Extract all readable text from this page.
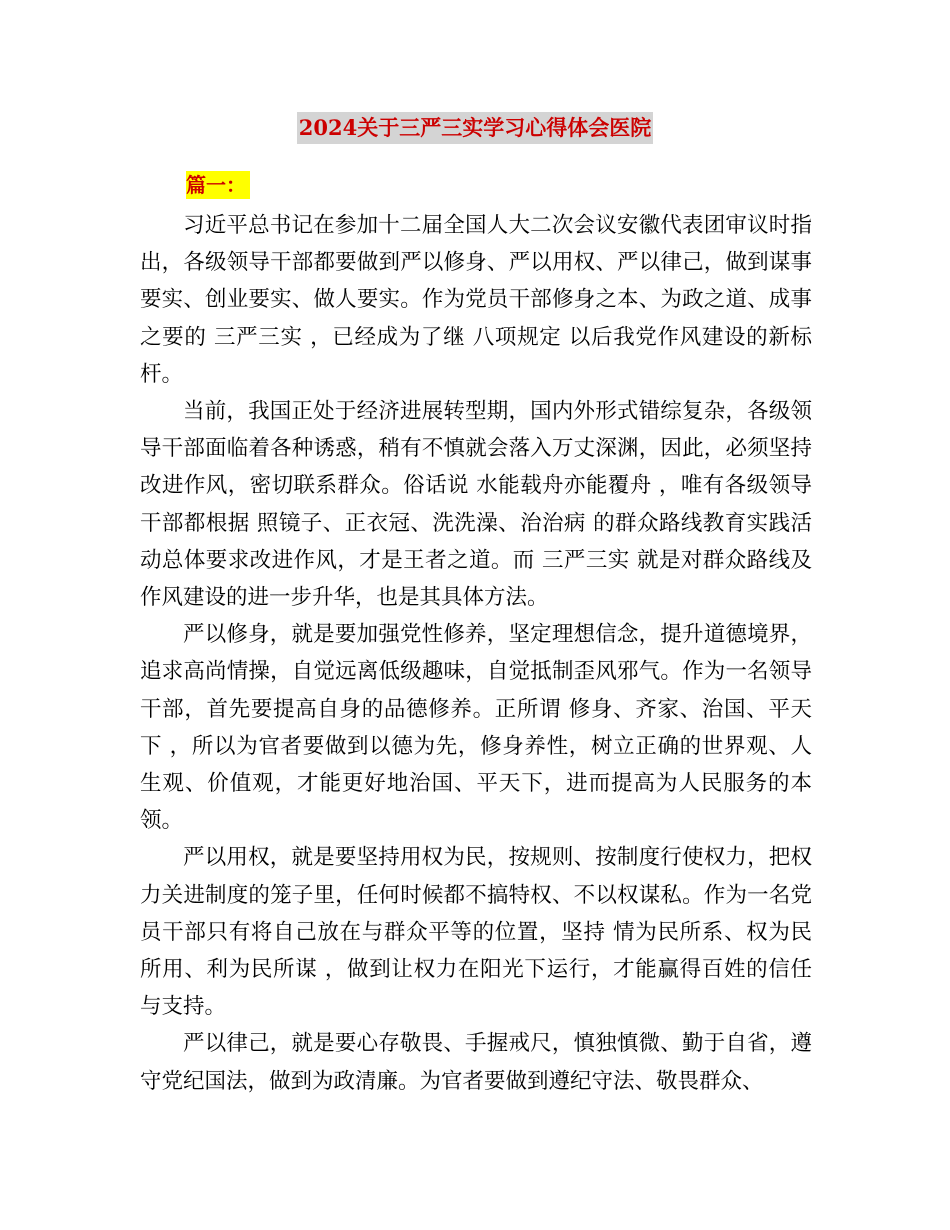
2024关于三严三实学习心得体会医院
篇一：

习近平总书记在参加十二届全国人大二次会议安徽代表团审议时指出，各级领导干部都要做到严以修身、严以用权、严以律己，做到谋事要实、创业要实、做人要实。作为党员干部修身之本、为政之道、成事之要的 三严三实 ，已经成为了继 八项规定 以后我党作风建设的新标杆。

当前，我国正处于经济进展转型期，国内外形式错综复杂，各级领导干部面临着各种诱惑，稍有不慎就会落入万丈深渊，因此，必须坚持改进作风，密切联系群众。俗话说 水能载舟亦能覆舟 ，唯有各级领导干部都根据 照镜子、正衣冠、洗洗澡、治治病 的群众路线教育实践活动总体要求改进作风，才是王者之道。而 三严三实 就是对群众路线及作风建设的进一步升华，也是其具体方法。

严以修身，就是要加强党性修养，坚定理想信念，提升道德境界，追求高尚情操，自觉远离低级趣味，自觉抵制歪风邪气。作为一名领导干部，首先要提高自身的品德修养。正所谓 修身、齐家、治国、平天下 ，所以为官者要做到以德为先，修身养性，树立正确的世界观、人生观、价值观，才能更好地治国、平天下，进而提高为人民服务的本领。

严以用权，就是要坚持用权为民，按规则、按制度行使权力，把权力关进制度的笼子里，任何时候都不搞特权、不以权谋私。作为一名党员干部只有将自己放在与群众平等的位置，坚持 情为民所系、权为民所用、利为民所谋 ，做到让权力在阳光下运行，才能赢得百姓的信任与支持。

严以律己，就是要心存敬畏、手握戒尺，慎独慎微、勤于自省，遵守党纪国法，做到为政清廉。为官者要做到遵纪守法、敬畏群众、
